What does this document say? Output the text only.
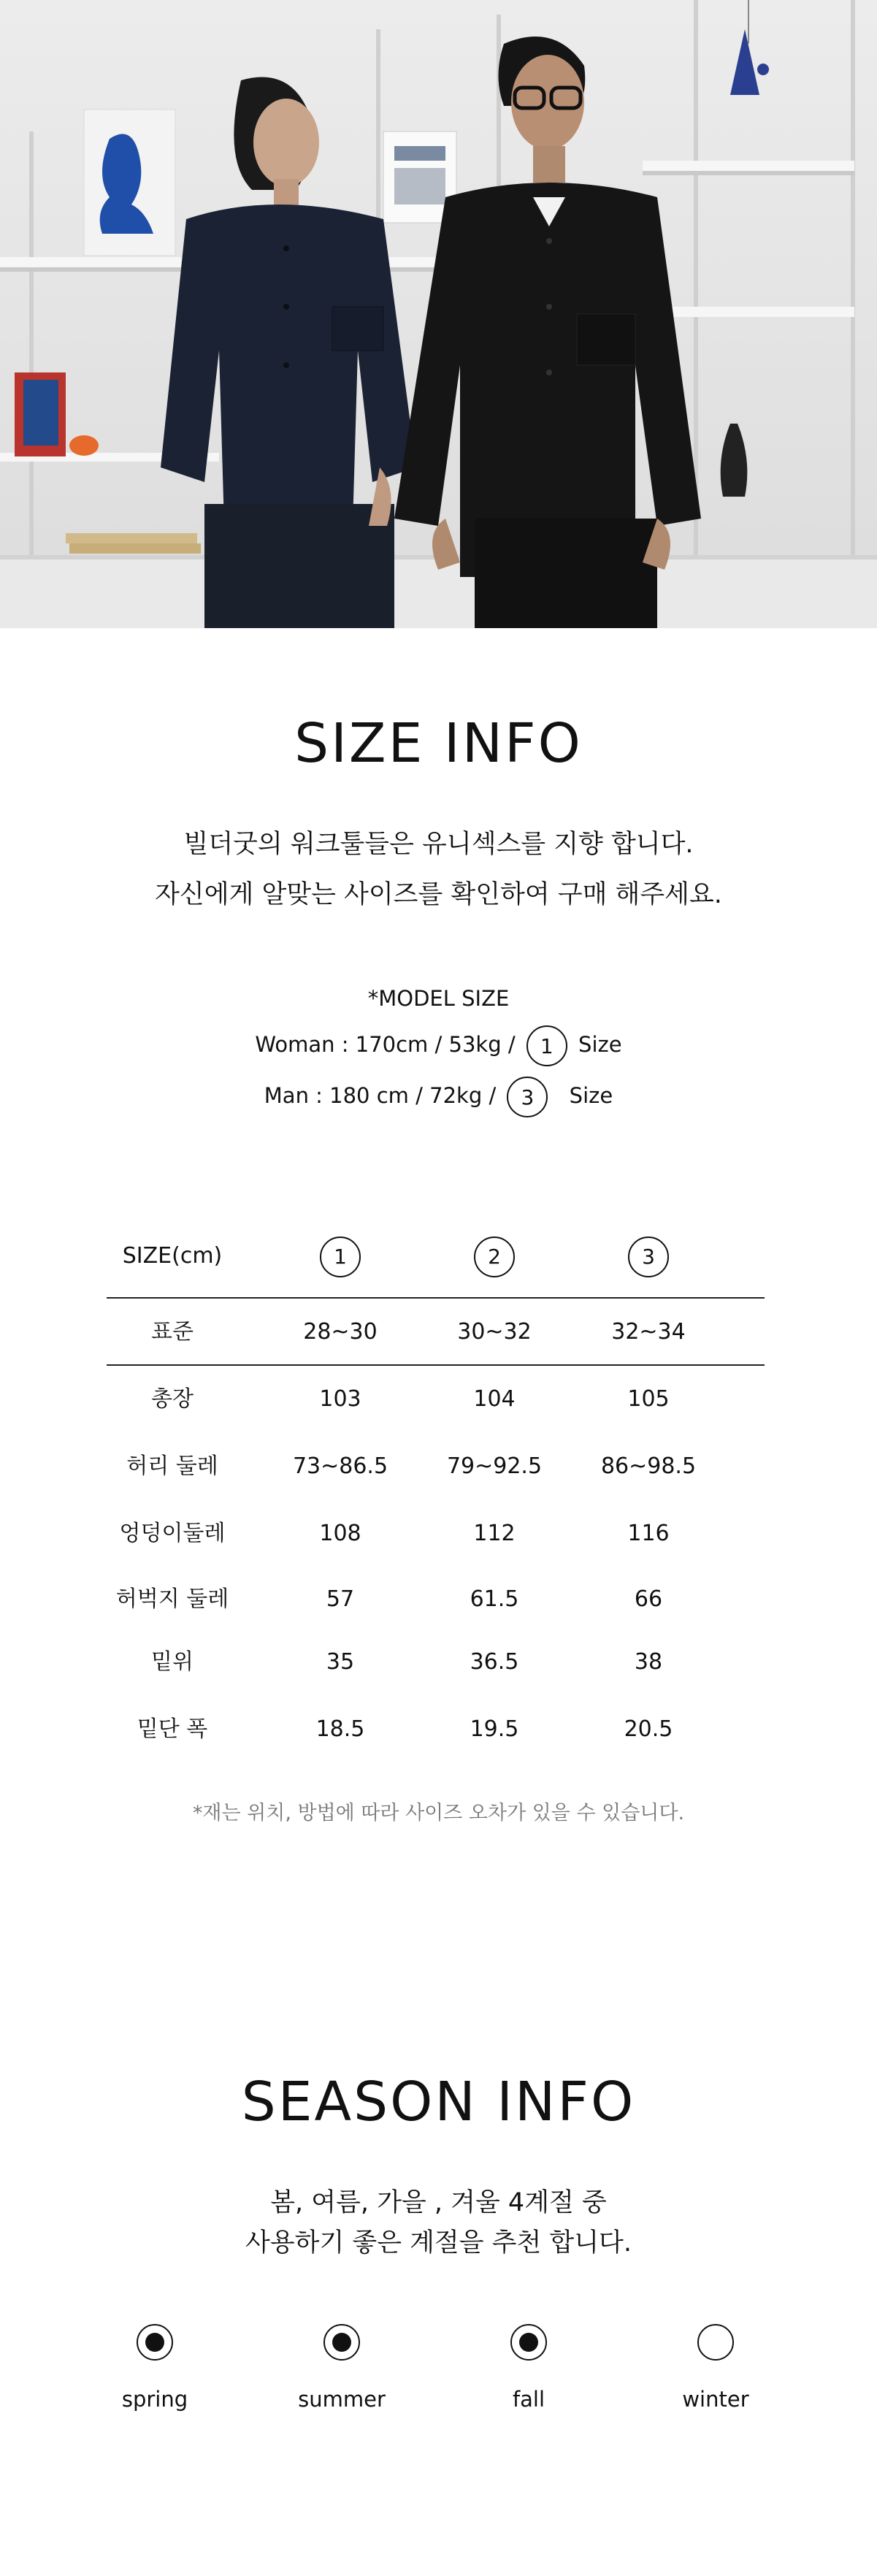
SIZE INFO
빌더굿의 워크툴들은 유니섹스를 지향 합니다.
자신에게 알맞는 사이즈를 확인하여 구매 해주세요.
*MODEL SIZE
Woman : 170cm / 53kg / 1 Size
Man : 180 cm / 72kg / 3 Size
SIZE(cm)	1	2	3
표준	28~30	30~32	32~34
총장	103	104	105
허리 둘레	73~86.5	79~92.5	86~98.5
엉덩이둘레	108	112	116
허벅지 둘레	57	61.5	66
밑위	35	36.5	38
밑단 폭	18.5	19.5	20.5
*재는 위치, 방법에 따라 사이즈 오차가 있을 수 있습니다.
SEASON INFO
봄, 여름, 가을 , 겨울 4계절 중
사용하기 좋은 계절을 추천 합니다.
spring	summer	fall	winter
